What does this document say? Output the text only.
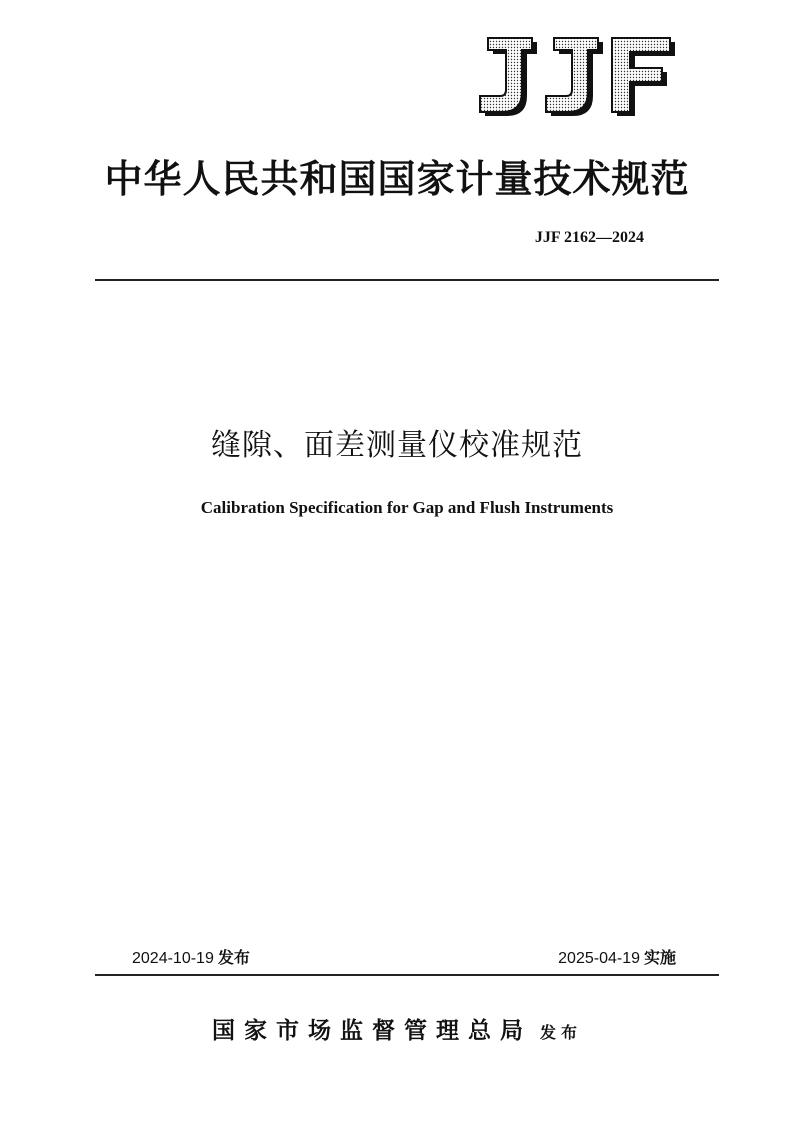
中华人民共和国国家计量技术规范
JJF 2162—2024
缝隙、面差测量仪校准规范
Calibration Specification for Gap and Flush Instruments
2024-10-19 发布	2025-04-19 实施
国家市场监督管理总局 发布
